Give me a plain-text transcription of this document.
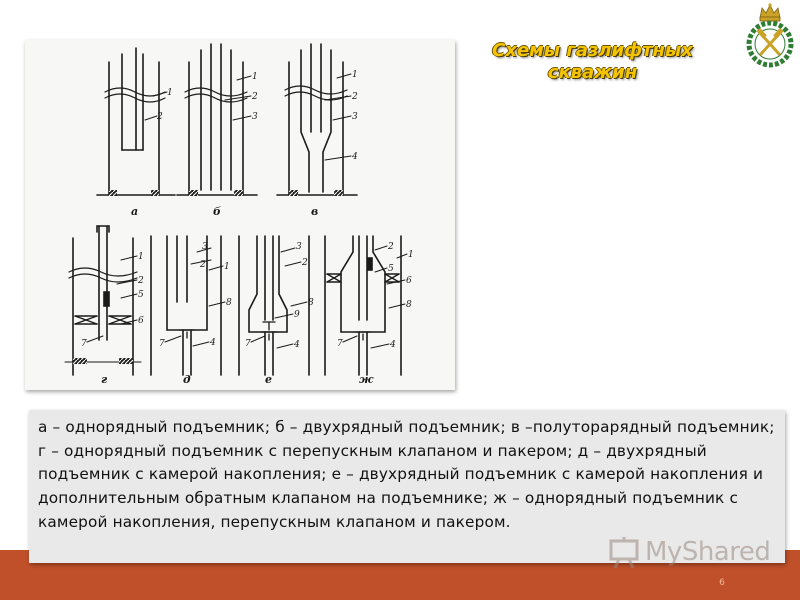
1
2
а
1
2
3
б
1
2
3
4
в
1
2
5
6
7
г
3
2 1
8
7	4
д
3
2
8
9
7	4
е
2
1
5
6
8
7	4
ж
Схемы газлифтных скважин

а – однорядный подъемник; б – двухрядный подъемник; в –полуторарядный подъемник; г – однорядный подъемник с перепускным клапаном и пакером; д – двухрядный подъемник с камерой накопления; е – двухрядный подъемник с камерой накопления и дополнительным обратным клапаном на подъемнике; ж – однорядный подъемник с камерой накопления, перепускным клапаном и пакером.

MyShared
6
